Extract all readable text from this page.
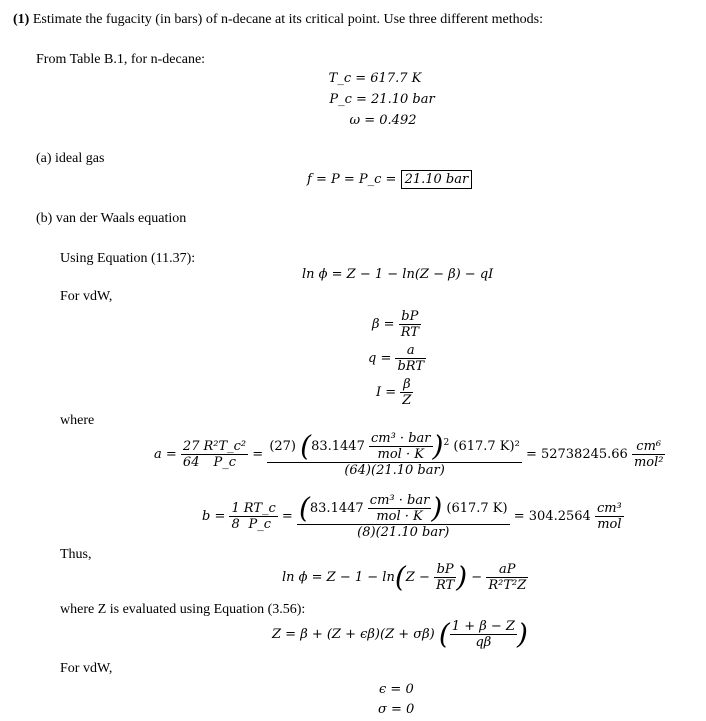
(1) Estimate the fugacity (in bars) of n-decane at its critical point. Use three different methods:
From Table B.1, for n-decane:
T_c = 617.7 K
P_c = 21.10 bar
ω = 0.492
(a) ideal gas
f = P = P_c = 21.10 bar
(b) van der Waals equation
Using Equation (11.37):
ln ϕ = Z − 1 − ln(Z − β) − qI
For vdW,
$\beta = \frac{bP}{RT}$
$q = \frac{a}{\text{bRT}}$
$I = \frac{\beta}{Z}$
where
$a = \frac{27}{64} \frac{\text{R²T\_c²}}{P\_c}$ =
(27) $(83.1447 \frac{\text{cm³ · bar}}{\text{mol · K}} )^2$ (617.7 K)²
(64)(21.10 bar)
= $52738245.66 \frac{\text{cm⁶}}{\text{mol²}}$
$b = \frac{1}{8} \frac{RT\_c}{P\_c} = \frac{(83.1447 \frac{\text{cm³ · bar}}{\text{mol · K}} ) (617.7 K)}{\text{(8)(21.10 bar)}} = 304.2564 \frac{\text{cm³}}{\text{mol}}$
Thus,
$\ln \phi = Z - 1 - \ln(Z - \frac{bP}{RT}$ ) − $\frac{aP}{\text{R²T²Z}}$
where Z is evaluated using Equation (3.56):
Z = β + (Z + ϵβ)(Z + σβ) ( $\frac{1 + \beta - Z}{q\beta}$ )
For vdW,
ϵ = 0
σ = 0
